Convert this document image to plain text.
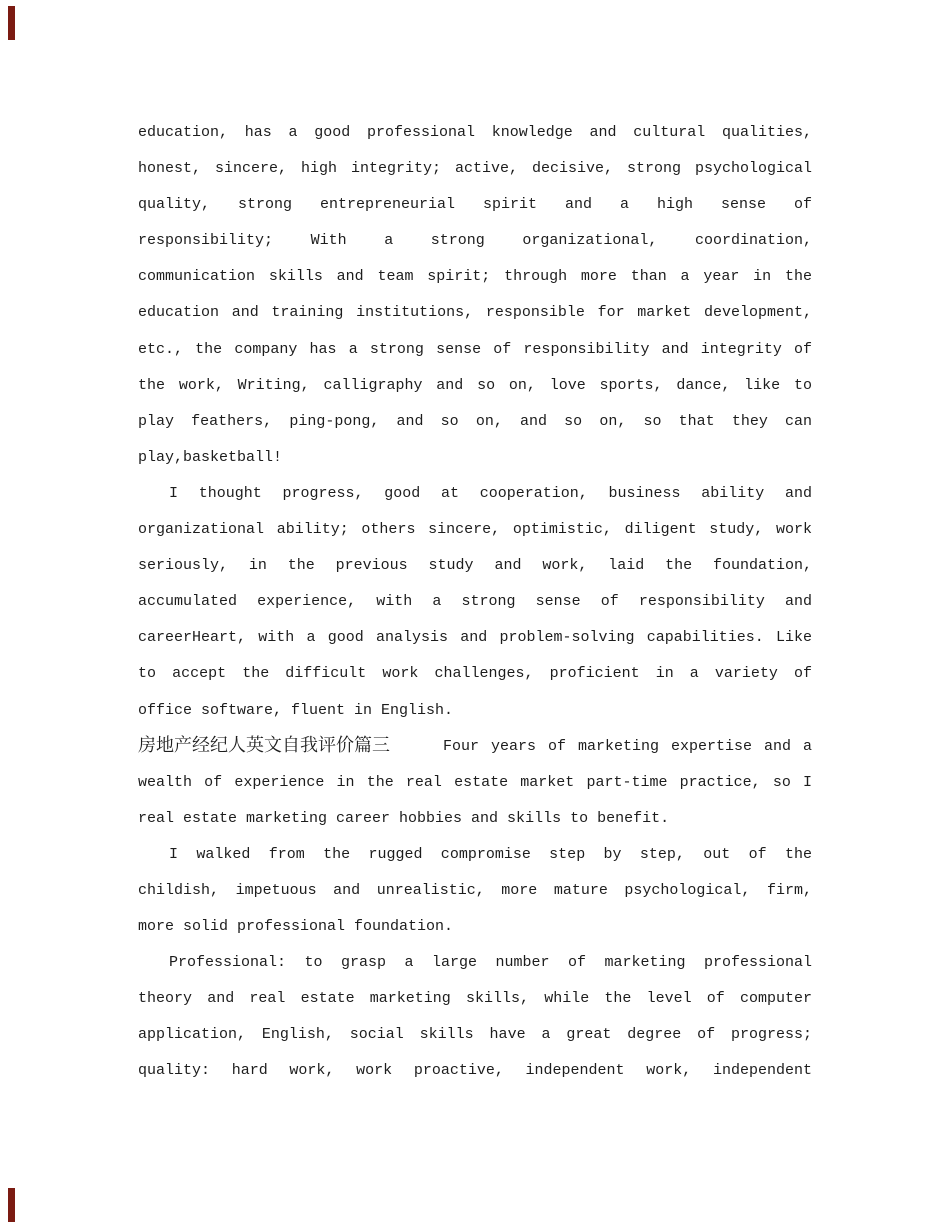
education, has a good professional knowledge and cultural qualities,
honest, sincere, high integrity; active, decisive, strong psychological
quality, strong entrepreneurial spirit and a high sense of
responsibility; With a strong organizational, coordination,
communication skills and team spirit; through more than a year in the
education and training institutions, responsible for market development,
etc., the company has a strong sense of responsibility and integrity of
the work, Writing, calligraphy and so on, love sports, dance, like to
play feathers, ping-pong, and so on, and so on, so that they can
play,basketball!
I thought progress, good at cooperation, business ability and
organizational ability; others sincere, optimistic, diligent study, work
seriously, in the previous study and work, laid the foundation,
accumulated experience, with a strong sense of responsibility and
careerHeart, with a good analysis and problem-solving capabilities. Like
to accept the difficult work challenges, proficient in a variety of
office software, fluent in English.
房地产经纪人英文自我评价篇三	Four years of marketing expertise and a
wealth of experience in the real estate market part-time practice, so I
real estate marketing career hobbies and skills to benefit.
I walked from the rugged compromise step by step, out of the
childish, impetuous and unrealistic, more mature psychological, firm,
more solid professional foundation.
Professional: to grasp a large number of marketing professional
theory and real estate marketing skills, while the level of computer
application, English, social skills have a great degree of progress;
quality: hard work, work proactive, independent work, independent
